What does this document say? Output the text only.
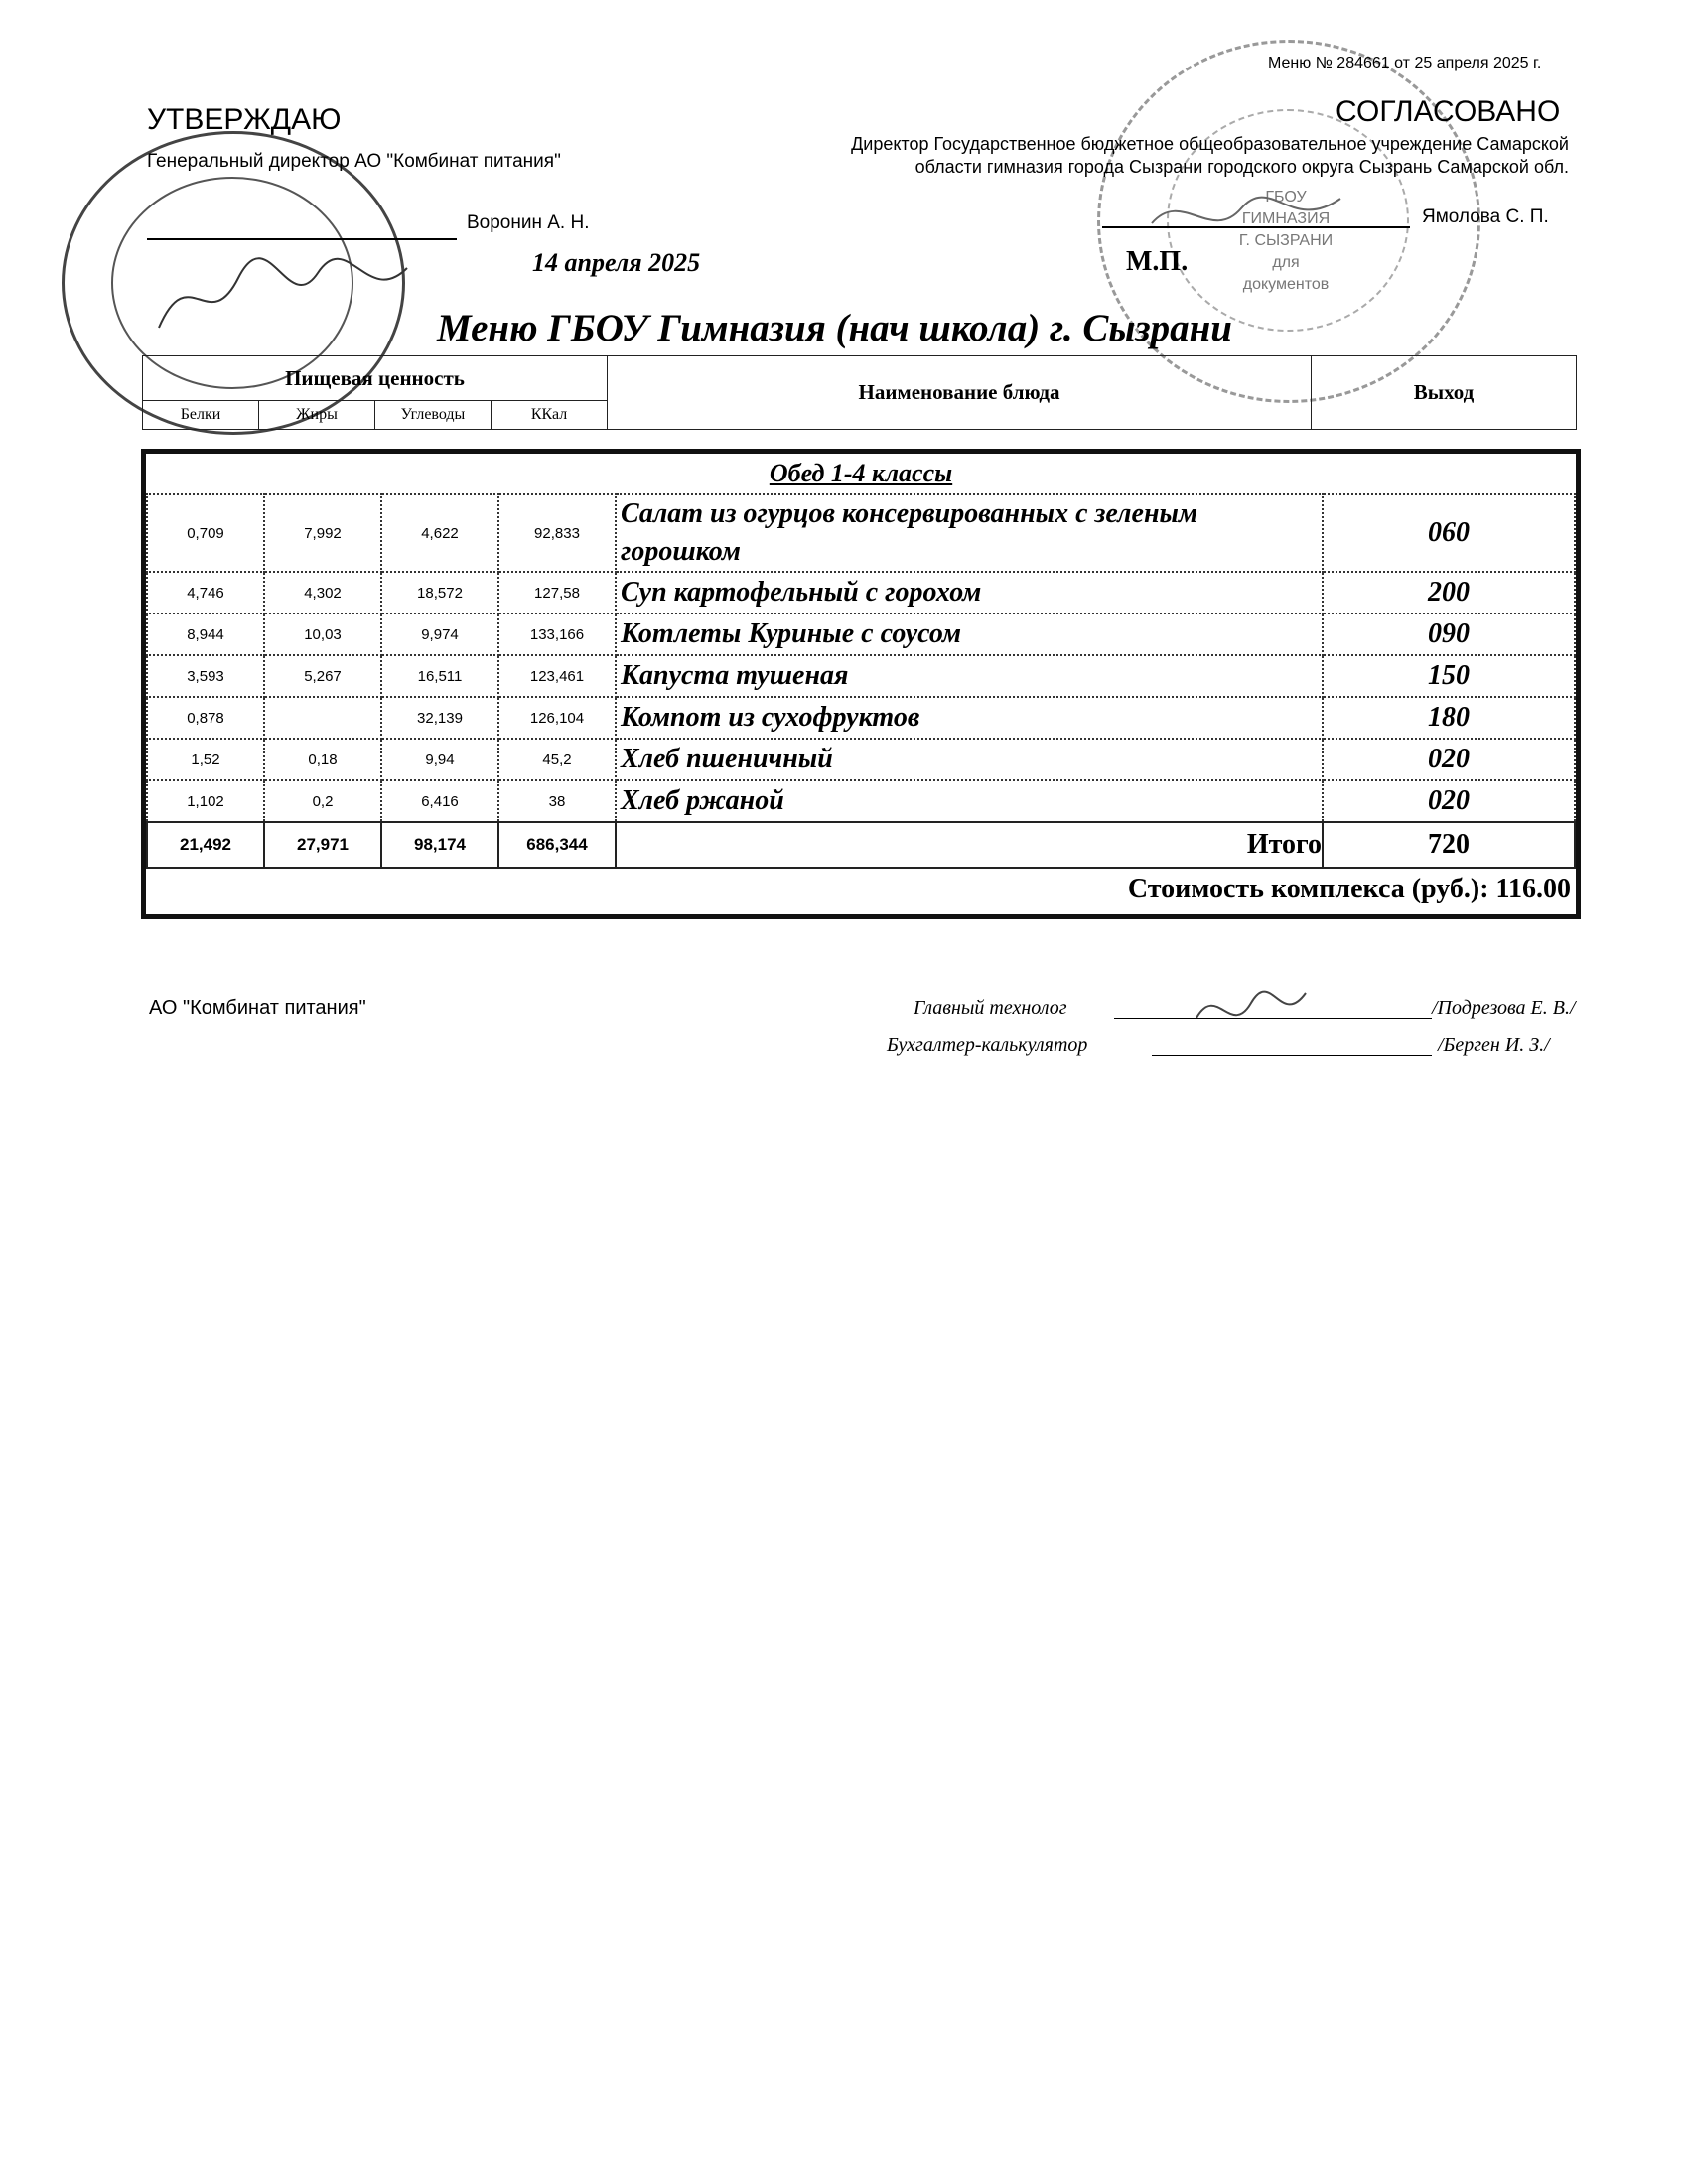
ГБОУ ГИМНАЗИЯ
Г. СЫЗРАНИ
для
документов
УТВЕРЖДАЮ
Генеральный директор АО "Комбинат питания"
Воронин А. Н.
14 апреля 2025
Меню № 284661 от 25 апреля 2025 г.
СОГЛАСОВАНО
Директор Государственное бюджетное общеобразовательное учреждение Самарской
области гимназия города Сызрани городского округа Сызрань Самарской обл.
Ямолова С. П.
М.П.
Меню ГБОУ Гимназия (нач школа) г. Сызрани
Пищевая ценность				Наименование блюда	Выход
Белки	Жиры	Углеводы	ККал		
Обед 1-4 классы					
0,709	7,992	4,622	92,833	Салат из огурцов консервированных с зеленым горошком	060
4,746	4,302	18,572	127,58	Суп картофельный с горохом	200
8,944	10,03	9,974	133,166	Котлеты Куриные с соусом	090
3,593	5,267	16,511	123,461	Капуста тушеная	150
0,878		32,139	126,104	Компот из сухофруктов	180
1,52	0,18	9,94	45,2	Хлеб пшеничный	020
1,102	0,2	6,416	38	Хлеб ржаной	020
21,492	27,971	98,174	686,344	Итого	720
Стоимость комплекса (руб.): 116.00					
АО "Комбинат питания"	Главный технолог	/Подрезова Е. В./
Бухгалтер-калькулятор	/Берген И. З./
